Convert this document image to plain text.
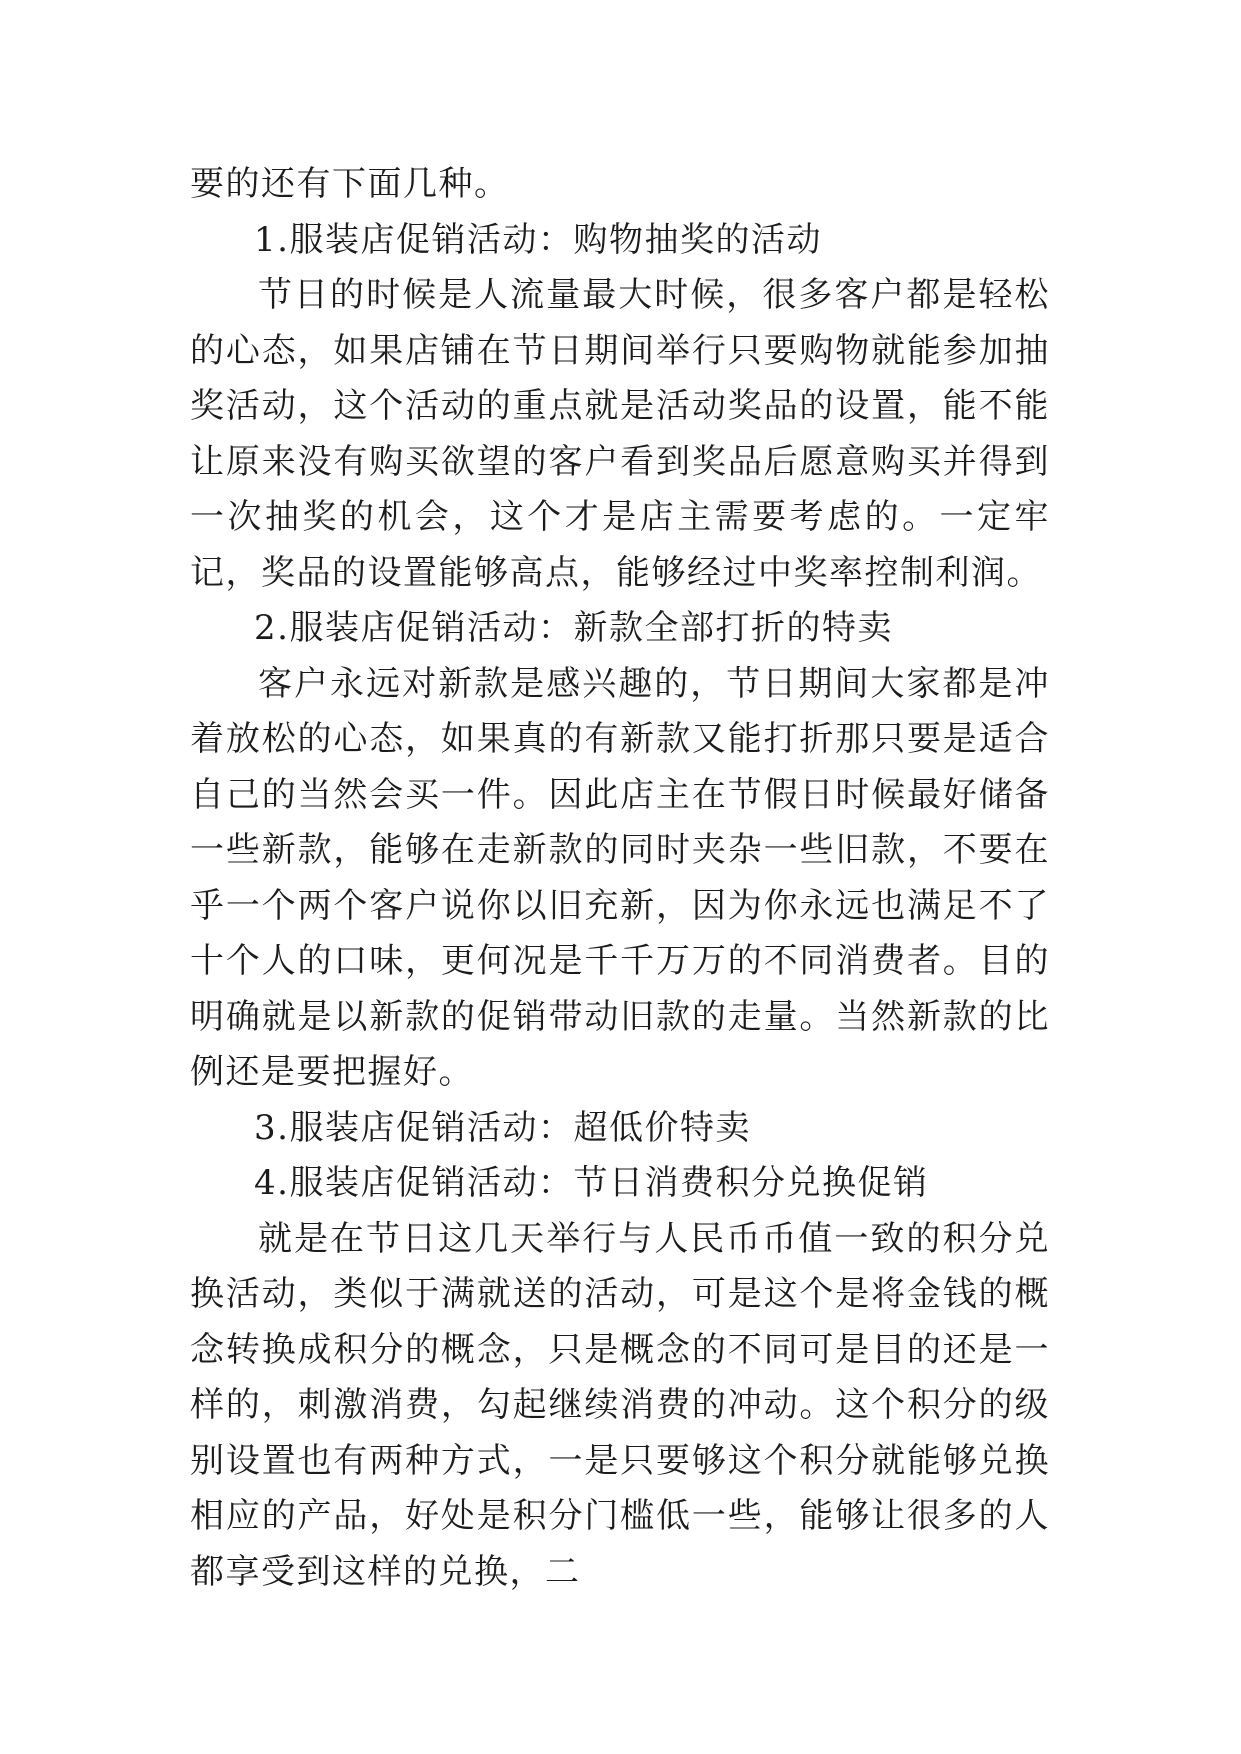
要的还有下面几种。

1.服装店促销活动：购物抽奖的活动

节日的时候是人流量最大时候，很多客户都是轻松的心态，如果店铺在节日期间举行只要购物就能参加抽奖活动，这个活动的重点就是活动奖品的设置，能不能让原来没有购买欲望的客户看到奖品后愿意购买并得到一次抽奖的机会，这个才是店主需要考虑的。一定牢记，奖品的设置能够高点，能够经过中奖率控制利润。

2.服装店促销活动：新款全部打折的特卖

客户永远对新款是感兴趣的，节日期间大家都是冲着放松的心态，如果真的有新款又能打折那只要是适合自己的当然会买一件。因此店主在节假日时候最好储备一些新款，能够在走新款的同时夹杂一些旧款，不要在乎一个两个客户说你以旧充新，因为你永远也满足不了十个人的口味，更何况是千千万万的不同消费者。目的明确就是以新款的促销带动旧款的走量。当然新款的比例还是要把握好。

3.服装店促销活动：超低价特卖

4.服装店促销活动：节日消费积分兑换促销

就是在节日这几天举行与人民币币值一致的积分兑换活动，类似于满就送的活动，可是这个是将金钱的概念转换成积分的概念，只是概念的不同可是目的还是一样的，刺激消费，勾起继续消费的冲动。这个积分的级别设置也有两种方式，一是只要够这个积分就能够兑换相应的产品，好处是积分门槛低一些，能够让很多的人都享受到这样的兑换，二
